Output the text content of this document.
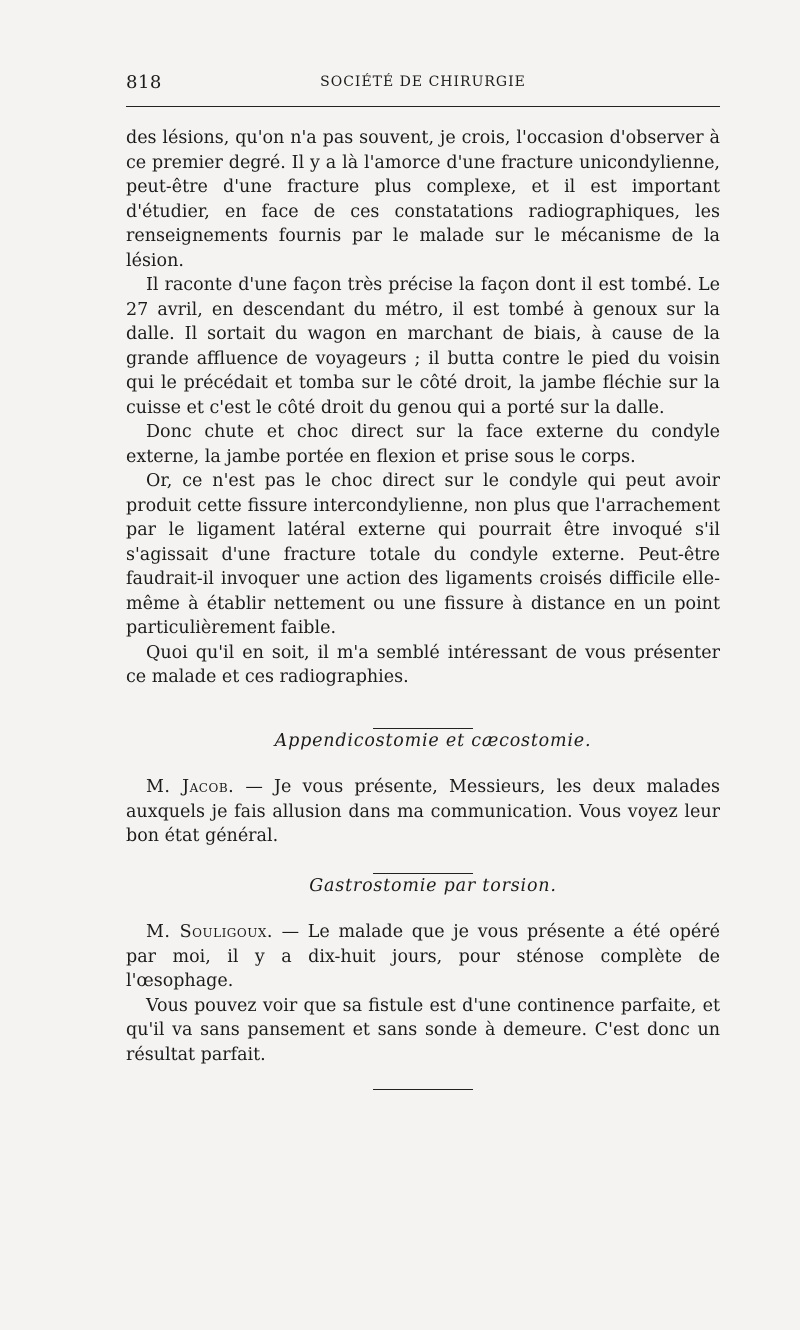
818	SOCIÉTÉ DE CHIRURGIE

des lésions, qu'on n'a pas souvent, je crois, l'occasion d'observer à ce premier degré. Il y a là l'amorce d'une fracture unicondylienne, peut-être d'une fracture plus complexe, et il est important d'étudier, en face de ces constatations radiographiques, les renseignements fournis par le malade sur le mécanisme de la lésion.

Il raconte d'une façon très précise la façon dont il est tombé. Le 27 avril, en descendant du métro, il est tombé à genoux sur la dalle. Il sortait du wagon en marchant de biais, à cause de la grande affluence de voyageurs ; il butta contre le pied du voisin qui le précédait et tomba sur le côté droit, la jambe fléchie sur la cuisse et c'est le côté droit du genou qui a porté sur la dalle.

Donc chute et choc direct sur la face externe du condyle externe, la jambe portée en flexion et prise sous le corps.

Or, ce n'est pas le choc direct sur le condyle qui peut avoir produit cette fissure intercondylienne, non plus que l'arrachement par le ligament latéral externe qui pourrait être invoqué s'il s'agissait d'une fracture totale du condyle externe. Peut-être faudrait-il invoquer une action des ligaments croisés difficile elle-même à établir nettement ou une fissure à distance en un point particulièrement faible.

Quoi qu'il en soit, il m'a semblé intéressant de vous présenter ce malade et ces radiographies.

Appendicostomie et cæcostomie.

M. Jacob. — Je vous présente, Messieurs, les deux malades auxquels je fais allusion dans ma communication. Vous voyez leur bon état général.

Gastrostomie par torsion.

M. Souligoux. — Le malade que je vous présente a été opéré par moi, il y a dix-huit jours, pour sténose complète de l'œsophage.

Vous pouvez voir que sa fistule est d'une continence parfaite, et qu'il va sans pansement et sans sonde à demeure. C'est donc un résultat parfait.
